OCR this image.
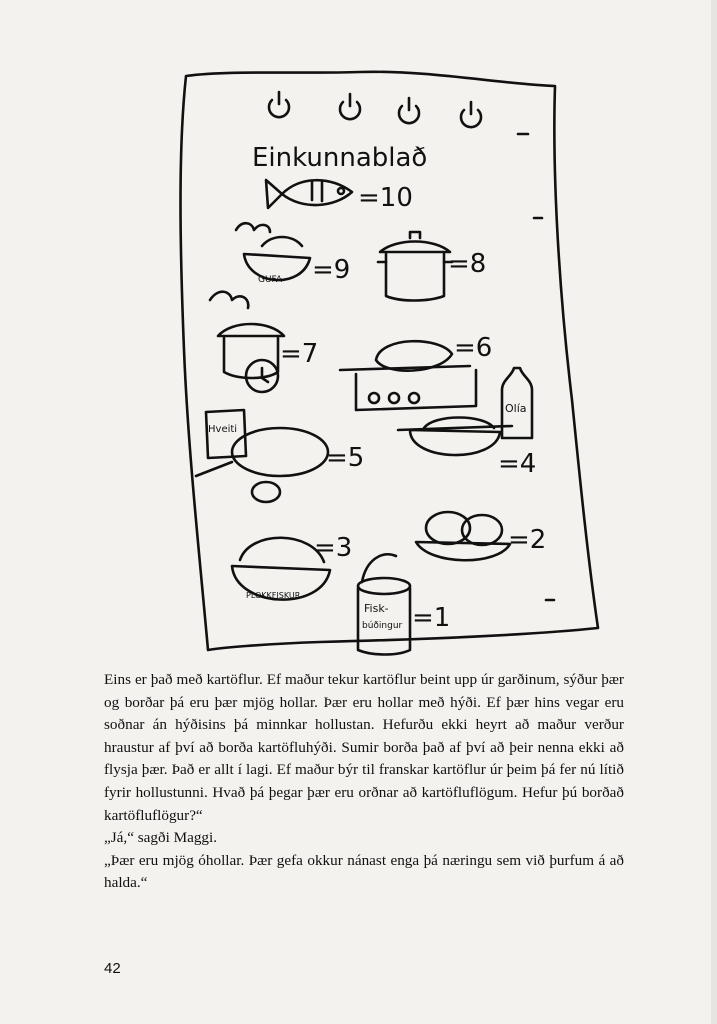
Einkunnablað
=10
=9	=8
=7	=6
=5	=4
=3	=2
=1
GUFA
Hveiti
Olía
PLOKKFISKUR
Fisk-
búðingur

Eins er það með kartöflur. Ef maður tekur kartöflur beint upp úr garðinum, sýður þær og borðar þá eru þær mjög hollar. Þær eru hollar með hýði. Ef þær hins vegar eru soðnar án hýðisins þá minnkar hollustan. Hefurðu ekki heyrt að maður verður hraustur af því að borða kartöfluhýði. Sumir borða það af því að þeir nenna ekki að flysja þær. Það er allt í lagi. Ef maður býr til franskar kartöflur úr þeim þá fer nú lítið fyrir hollustunni. Hvað þá þegar þær eru orðnar að kartöfluflögum. Hefur þú borðað kartöfluflögur?“

„Já,“ sagði Maggi.

„Þær eru mjög óhollar. Þær gefa okkur nánast enga þá næringu sem við þurfum á að halda.“

42
